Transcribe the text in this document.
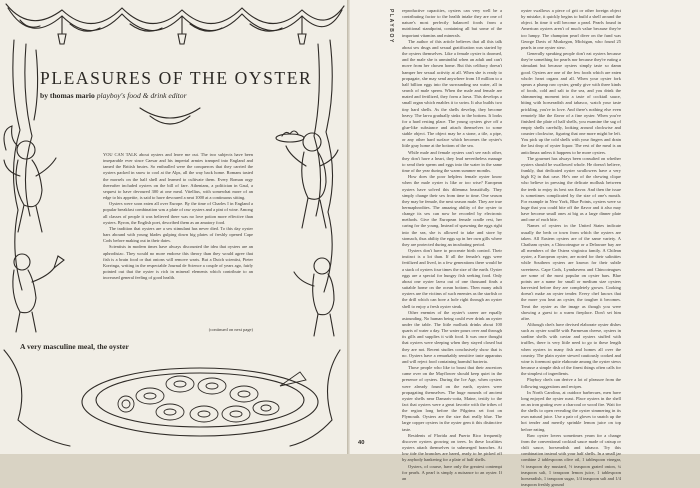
PLEASURES OF THE OYSTER
by thomas mario playboy's food & drink editor

YOU CAN TALK about oysters and leave me out. The two subjects have been inseparable ever since Caesar and his imperial armies tramped into England and tamed the British brutes. So enthralled were the conquerors that they carried the oysters packed in snow to cool at the Alps, all the way back home. Romans tasted the morsels on the half shell and learned to cultivate them. Every Roman orgy thereafter included oysters on the bill of fare. Athenians, a politician in Gaul, a sequest to have devoured 300 at one meal. Vitellius, with somewhat more of an edge to his appetite, is said to have devoured a neat 1000 at a continuous sitting.

Oysters were soon eaten all over Europe. By the time of Charles I in England a popular breakfast combination was a plate of raw oysters and a pint of wine. Among all classes of people it was believed there was no love potion more effective than oysters. Byron, the English poet, described them as an amatory food.

The tradition that oysters are a sex stimulant has never died. To this day oyster bars abound with young blades gulping down big plates of freshly opened Cape Cods before making out in their dates.

Scientists in modern times have always discounted the idea that oysters are an aphrodisiac. They would no more endorse this theory than they would agree that fish is a brain food or that onions will remove warts. But a Dutch scientist, Pieter Korringa, writing in the respectable Journal de Science a couple of years ago, fairly pointed out that the oyster is rich in mineral elements which contribute to an increased general feeling of good health.

(continued on next page)
A very masculine meal, the oyster
PLAYBOY reproductive capacities, oysters can very well be a contributing factor to the health intake they are one of nature's most perfectly balanced foods from a nutritional standpoint, containing all but some of the important vitamins and minerals.

The author of this article believes that all this talk about sex drugs and sexual gratification was started by the oysters themselves. Like a female oyster is doomed, and the male she is unmindful when an adult and can't move from her chosen home. But this celibacy doesn't hamper her sexual activity at all. When she is ready to propagate, she may send anywhere from 10 million to a half billion eggs into the surrounding sea water, all in search of male sperm. When the male and female are mated and fertilized, they form a larva. This develops a small organ which enables it to swim. It also builds two tiny hard shells. As the shells develop, they become heavy. The larva gradually sinks to the bottom. It looks for a hard resting place. The young oysters give off a glue-like substance and attach themselves to some stable object. The object may be a stone, a tile, a pipe, or any other hard surface which becomes the oyster's little gray home at the bottom of the sea.

While male and female oysters can't see each other, they don't have a heart, they lead nevertheless manage to send their sperm and eggs into the water in the same time of the year during the warm summer months.

How does the poor helpless female oyster know when the male oyster is like or too wise? European oysters have solved this dilemma beautifully. They simply change their sex from time to time. One season they may be female, the next season male. They are true hermaphrodites. The amazing ability of the oyster to change its sex can now be recorded by electronic methods. Give the European female cradle rest, her caring for the young. Instead of spawning the eggs right into the sea, she is allowed to take and store by stomach, thus ability the eggs up in her own gills where they are protected during an incubating period.

Oysters don't have to procreate birth control. Their instinct is a lot than. If all the female's eggs were fertilized and lived, in a few generations there would be a stack of oysters four times the size of the earth. Oyster eggs are a special for hungry fish seeking food. Only about one oyster larva out of one thousand finds a suitable home on the ocean bottom. Then many adult oysters are the victims of such enemies as the starfish or the drill which can bore a hole right through an oyster shell to enjoy a fresh oyster steak.

Other enemies of the oyster's career are equally astounding. No human being could ever drink an oyster under the table. The little mollusk drinks about 100 quarts of water a day. The water pours over and through its gills and supplies it with food. It was once thought that oysters were sleeping when they stayed closed but they are not. Recent studies conclusively show that is no. Oysters have a remarkably sensitive taste apparatus and will reject food containing harmful bacteria.

Those people who like to boast that their ancestors came over on the Mayflower should keep quiet in the presence of oysters. During the Ice Age, when oysters were already found on the earth, oysters were propagating themselves. The huge mounds of ancient oyster shells near Damaris-cotta, Maine, testify to the fact that oysters were a great favorite with the tribes of the region long before the Pilgrims set foot on Plymouth. Oysters are the size that really blue. The large copper oysters in the oyster gem it this distinctive taste.

Residents of Florida and Puerto Rico frequently discover oysters growing on trees. In these localities oysters attach themselves to submerged branches. At low tide the branches are bared, ready to be picked off by anybody hankering for a plate of half shells.

Oysters, of course, have only the greatest contempt for pearls. A pearl is simply a nuisance to an oyster. If an

oyster swallows a piece of grit or other foreign object by mistake, it quickly begins to build a shell around the object. In time it will become a pearl. Pearls found in American oysters aren't of much value because they're too lumpy. The champion pearl diver on the fund was George Davis of Muskegon, Michigan, who found 25 pearls in one oyster stew.

Generally speaking people don't eat oysters because they're something for pearls nor because they're eating a stimulant but because oysters simply taste so damn good. Oysters are one of the few foods which are eaten whole: heart organs and all. When your oyster fork spears a plump raw oyster, gently give with three kinds of foods, cold and salt to the sea, and you drink the shimmering moment into a taste of cocktail sauce, biting with horseradish and tabasco, watch your taste prickling, you're in love. And there's nothing else even remotely like the flavor of a fine oyster. When you've finished the plate of half shells, you examine the sag of empty shells carefully, looking around clockwise and counter clockwise, figuring that one more might be left. You pick up the cold shells with your fingers and drain the last drop of oyster liquor. The rest of the meal is an anticlimax unless it happens to be more oysters.

The gourmet has always been consulted on whether oysters should be swallowed whole. He doesn't believe, frankly, that dedicated oyster swallowers have a very high IQ in that case. He's one of the chewing clique who believe in pressing the delicate mollusk between the teeth to enjoy its best sea flavor. And then the issue is sometimes complicated by the size of one's mouth. For example in New York, Blue Points, oysters were so huge that you could bite off the flavor and it also may have become small ones at big as a large dinner plate and one of each bite.

Names of oysters in the United States indicate usually the beds or town from which the oysters are taken. All Eastern oysters are of the same variety. A Chatham oyster, a Chincoteague or a Delaware bay are all members of the Ostrea virginica family. A Chilean oyster, a European oyster, are noted for their salinities while Southern oysters are known for their subtle sweetness. Cape Cods, Lynnhavens and Chincoteagues are some of the most popular on oyster bars. Blue points are a name for small or medium size oysters harvested before they are completely grown. Cooking doesn't make an oyster tender. Every chef knows that the more you heat an oyster, the tougher it becomes. Treat the oyster as the image as though you were showing a guest to a warm fireplace. Don't set him afire.

Although chefs have devised elaborate oyster dishes such as oyster soufflé with Parmesan cheese, oysters in sardine shells with caviar and oysters stuffed with truffles, there is very little need to go to these length when oysters in many fish and homes all over the country. The plain oyster stewed cautiously cooked and wine is foremost quite elaborate among the oyster stews because a simple dish of the finest things often calls for the simplest of ingredients.

Playboy chefs can derive a lot of pleasure from the following suggestions and recipes.

In North Carolina, at outdoor barbecues, men have long enjoyed the oyster roast. Place oysters in the shell on an iron grating over a charcoal or wood fire. Wait for the shells to open revealing the oyster simmering in its own natural juice. Use a pair of gloves to snatch up the hot tender and merrily sprinkle lemon juice on top before eating.

Raw oyster lovers sometimes yearn for a change from the conventional cocktail sauce made of catsup or chili sauce, horseradish and tabasco. Try this combination instead with your half shells. In a small jar combine 2 tablespoons olive oil, 1 tablespoon vinegar, ½ teaspoon dry mustard, ½ teaspoon grated onion, ¼ teaspoon salt, 1 teaspoon lemon juice, 1 tablespoon horseradish, 1 teaspoon sugar, 1/4 teaspoon salt and 1/4 teaspoon freshly ground

40
